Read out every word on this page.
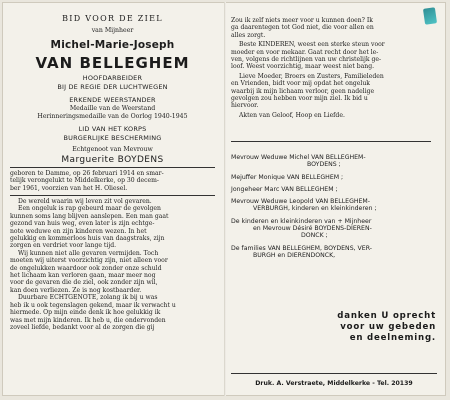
BID VOOR DE ZIEL
van Mijnheer
Michel-Marie-Joseph
VAN BELLEGHEM
HOOFDARBEIDER
BIJ DE REGIE DER LUCHTWEGEN
ERKENDE WEERSTANDER
Medaille van de Weerstand
Herinneringsmedaille van de Oorlog 1940-1945
LID VAN HET KORPS
BURGERLIJKE BESCHERMING
Echtgenoot van Mevrouw
Marguerite BOYDENS
geboren te Damme, op 26 februari 1914 en smar-
telijk verongelukt te Middelkerke, op 30 decem-
ber 1961, voorzien van het H. Oliesel.
De wereld waarin wij leven zit vol gevaren.
Een ongeluk is rap gebeurd maar de gevolgen
kunnen soms lang blijven aanslepen. Een man gaat
gezond van huis weg, even later is zijn echtge-
note weduwe en zijn kinderen wezen. In het
gelukkig en kommerloos huis van daagstraks, zijn
zorgen en verdriet voor lange tijd.
Wij kunnen niet alle gevaren vermijden. Toch
moeten wij uiterst voorzichtig zijn, niet alleen voor
de ongelukken waardoor ook zonder onze schuld
het lichaam kan verloren gaan, maar meer nog
voor de gevaren die de ziel, ook zonder zijn wil,
kan doen verliezen. Ze is nog kostbaarder.
Duurbare ECHTGENOTE, zolang ik bij u was
heb ik u ook tegenslagen gekend, maar ik verwacht u
hiermede. Op mijn einde denk ik hoe gelukkig ik
was met mijn kinderen. Ik heb u, die ondervonden
zoveel liefde, bedankt voor al de zorgen die gij
Zou ik zelf niets meer voor u kunnen doen? Ik
ga daarentegen tot God niet, die voor allen en
alles zorgt.
Beste KINDEREN, weest een sterke steun voor
moeder en voor mekaar. Gaat recht door het le-
ven, volgens de richtlijnen van uw christelijk ge-
loof. Weest voorzichtig, maar weest niet bang.
Lieve Moeder, Broers en Zusters, Familieleden
en Vrienden, bidt voor mij opdat het ongeluk
waarbij ik mijn lichaam verloor, geen nadelige
gevolgen zou hebben voor mijn ziel. Ik bid u
hiervoor.
Akten van Geloof, Hoop en Liefde.
Mevrouw Weduwe Michel VAN BELLEGHEM-
BOYDENS ;
Mejuffer Monique VAN BELLEGHEM ;
Jongeheer Marc VAN BELLEGHEM ;
Mevrouw Weduwe Leopold VAN BELLEGHEM-
VERBURGH, kinderen en kleinkinderen ;
De kinderen en kleinkinderen van + Mijnheer
en Mevrouw Désiré BOYDENS-DIEREN-
DONCK ;
De families VAN BELLEGHEM, BOYDENS, VER-
BURGH en DIERENDONCK,
danken U oprecht
voor uw gebeden
en deelneming.
Druk. A. Verstraete, Middelkerke - Tel. 20139
